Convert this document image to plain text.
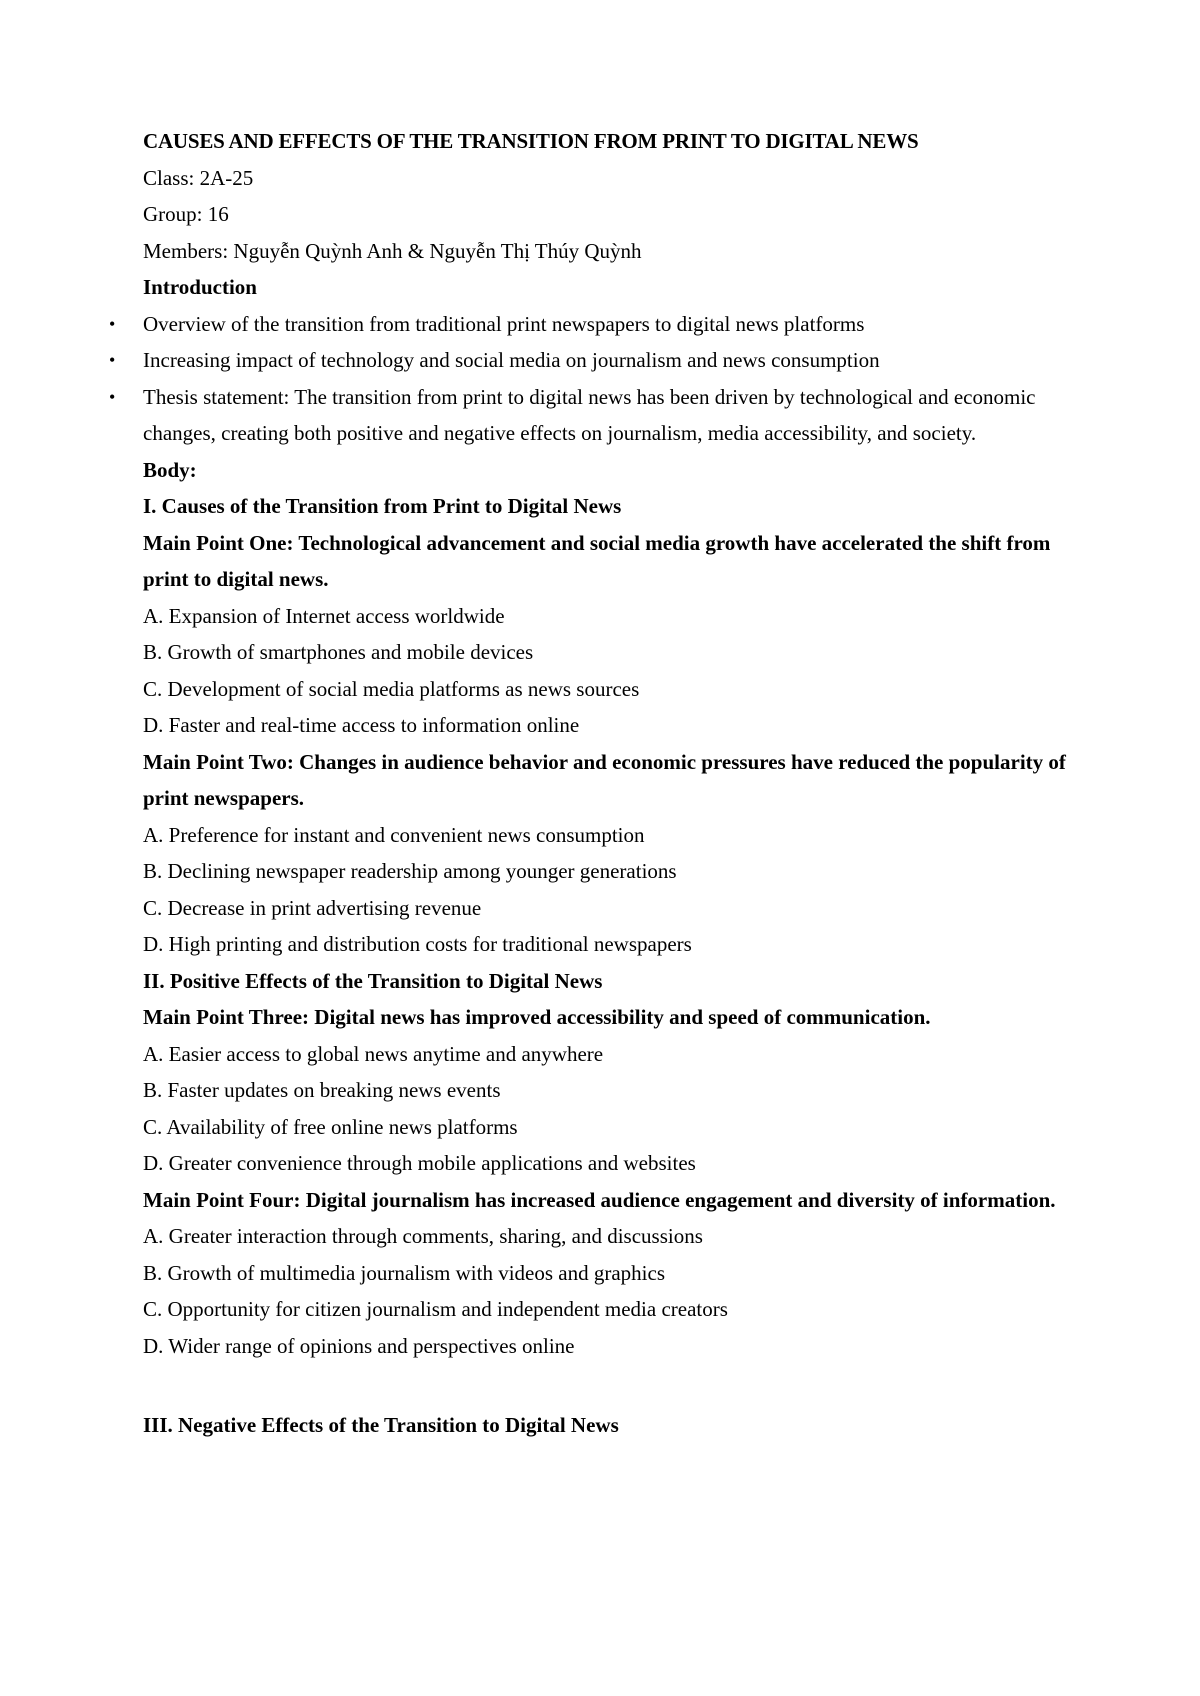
CAUSES AND EFFECTS OF THE TRANSITION FROM PRINT TO DIGITAL NEWS

Class: 2A-25

Group: 16

Members: Nguyễn Quỳnh Anh & Nguyễn Thị Thúy Quỳnh

Introduction

• Overview of the transition from traditional print newspapers to digital news platforms
• Increasing impact of technology and social media on journalism and news consumption
• Thesis statement: The transition from print to digital news has been driven by technological and economic changes, creating both positive and negative effects on journalism, media accessibility, and society.

Body:

I. Causes of the Transition from Print to Digital News

Main Point One: Technological advancement and social media growth have accelerated the shift from print to digital news.

A. Expansion of Internet access worldwide

B. Growth of smartphones and mobile devices

C. Development of social media platforms as news sources

D. Faster and real-time access to information online

Main Point Two: Changes in audience behavior and economic pressures have reduced the popularity of print newspapers.

A. Preference for instant and convenient news consumption

B. Declining newspaper readership among younger generations

C. Decrease in print advertising revenue

D. High printing and distribution costs for traditional newspapers

II. Positive Effects of the Transition to Digital News

Main Point Three: Digital news has improved accessibility and speed of communication.

A. Easier access to global news anytime and anywhere

B. Faster updates on breaking news events

C. Availability of free online news platforms

D. Greater convenience through mobile applications and websites

Main Point Four: Digital journalism has increased audience engagement and diversity of information.

A. Greater interaction through comments, sharing, and discussions

B. Growth of multimedia journalism with videos and graphics

C. Opportunity for citizen journalism and independent media creators

D. Wider range of opinions and perspectives online

III. Negative Effects of the Transition to Digital News
